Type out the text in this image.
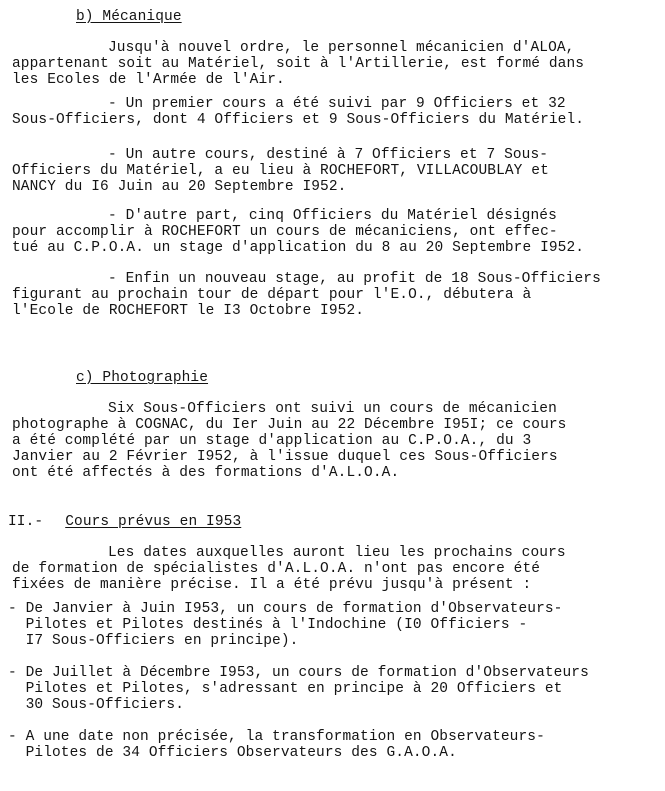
b) Mécanique
Jusqu'à nouvel ordre, le personnel mécanicien d'ALOA,
appartenant soit au Matériel, soit à l'Artillerie, est formé dans
les Ecoles de l'Armée de l'Air.
- Un premier cours a été suivi par 9 Officiers et 32
Sous-Officiers, dont 4 Officiers et 9 Sous-Officiers du Matériel.
- Un autre cours, destiné à 7 Officiers et 7 Sous-
Officiers du Matériel, a eu lieu à ROCHEFORT, VILLACOUBLAY et
NANCY du I6 Juin au 20 Septembre I952.
- D'autre part, cinq Officiers du Matériel désignés
pour accomplir à ROCHEFORT un cours de mécaniciens, ont effec-
tué au C.P.O.A. un stage d'application du 8 au 20 Septembre I952.
- Enfin un nouveau stage, au profit de 18 Sous-Officiers
figurant au prochain tour de départ pour l'E.O., débutera à
l'Ecole de ROCHEFORT le I3 Octobre I952.
c) Photographie
Six Sous-Officiers ont suivi un cours de mécanicien
photographe à COGNAC, du Ier Juin au 22 Décembre I95I; ce cours
a été complété par un stage d'application au C.P.O.A., du 3
Janvier au 2 Février I952, à l'issue duquel ces Sous-Officiers
ont été affectés à des formations d'A.L.O.A.
II.- Cours prévus en I953
Les dates auxquelles auront lieu les prochains cours
de formation de spécialistes d'A.L.O.A. n'ont pas encore été
fixées de manière précise. Il a été prévu jusqu'à présent :
- De Janvier à Juin I953, un cours de formation d'Observateurs-
Pilotes et Pilotes destinés à l'Indochine (I0 Officiers -
I7 Sous-Officiers en principe).
- De Juillet à Décembre I953, un cours de formation d'Observateurs
Pilotes et Pilotes, s'adressant en principe à 20 Officiers et
30 Sous-Officiers.
- A une date non précisée, la transformation en Observateurs-
Pilotes de 34 Officiers Observateurs des G.A.O.A.
